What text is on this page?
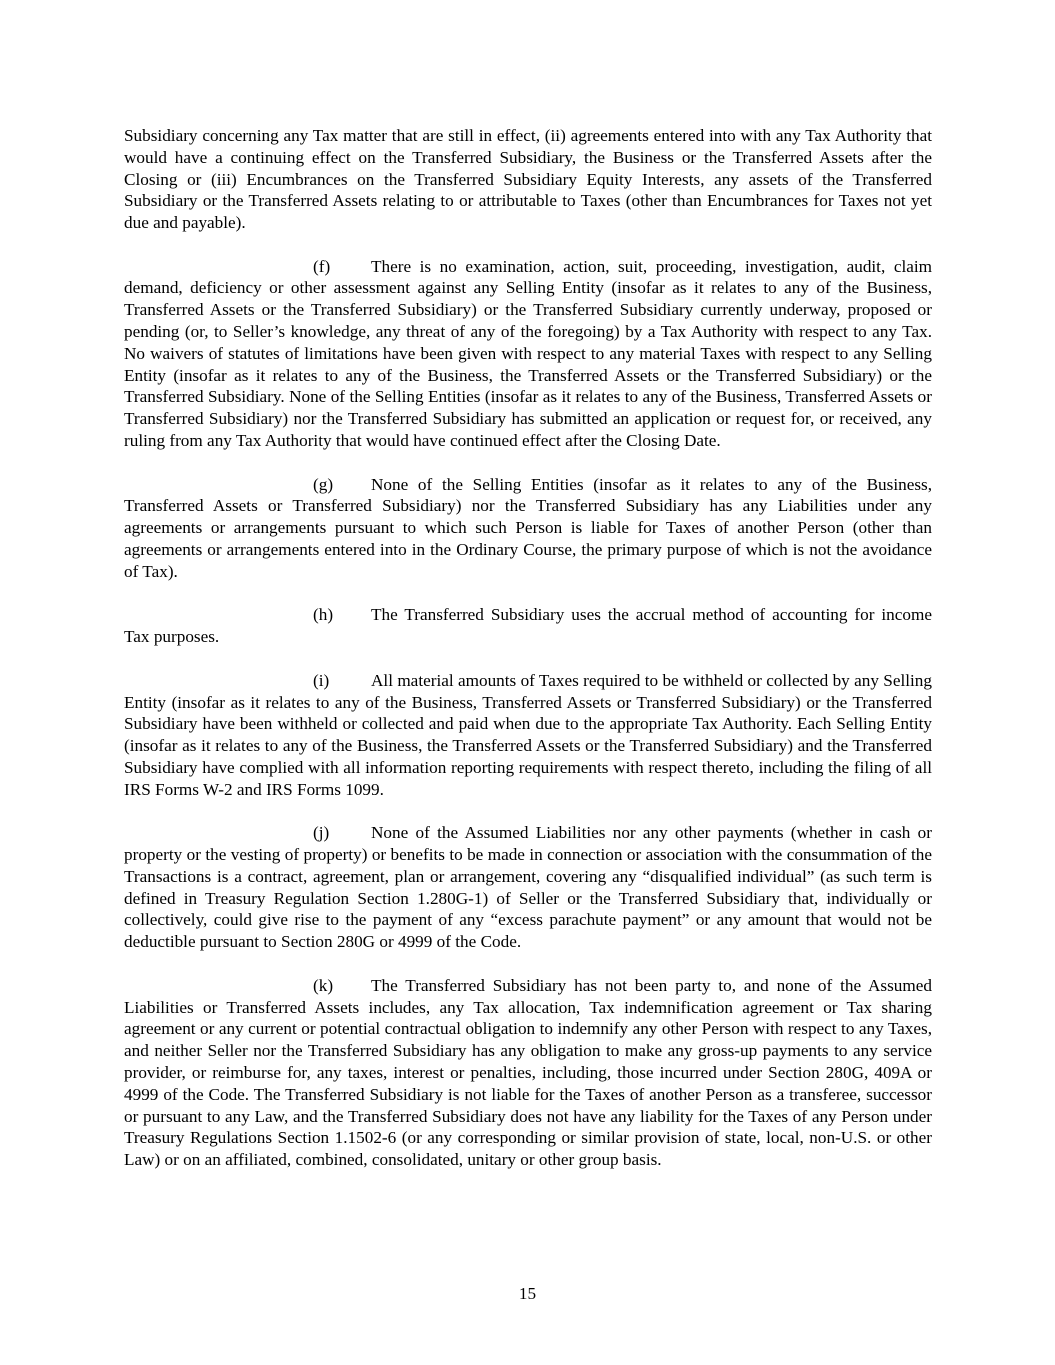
Subsidiary concerning any Tax matter that are still in effect, (ii) agreements entered into with any Tax Authority that would have a continuing effect on the Transferred Subsidiary, the Business or the Transferred Assets after the Closing or (iii) Encumbrances on the Transferred Subsidiary Equity Interests, any assets of the Transferred Subsidiary or the Transferred Assets relating to or attributable to Taxes (other than Encumbrances for Taxes not yet due and payable).

(f) There is no examination, action, suit, proceeding, investigation, audit, claim demand, deficiency or other assessment against any Selling Entity (insofar as it relates to any of the Business, Transferred Assets or the Transferred Subsidiary) or the Transferred Subsidiary currently underway, proposed or pending (or, to Seller’s knowledge, any threat of any of the foregoing) by a Tax Authority with respect to any Tax. No waivers of statutes of limitations have been given with respect to any material Taxes with respect to any Selling Entity (insofar as it relates to any of the Business, the Transferred Assets or the Transferred Subsidiary) or the Transferred Subsidiary. None of the Selling Entities (insofar as it relates to any of the Business, Transferred Assets or Transferred Subsidiary) nor the Transferred Subsidiary has submitted an application or request for, or received, any ruling from any Tax Authority that would have continued effect after the Closing Date.

(g) None of the Selling Entities (insofar as it relates to any of the Business, Transferred Assets or Transferred Subsidiary) nor the Transferred Subsidiary has any Liabilities under any agreements or arrangements pursuant to which such Person is liable for Taxes of another Person (other than agreements or arrangements entered into in the Ordinary Course, the primary purpose of which is not the avoidance of Tax).

(h) The Transferred Subsidiary uses the accrual method of accounting for income Tax purposes.

(i) All material amounts of Taxes required to be withheld or collected by any Selling Entity (insofar as it relates to any of the Business, Transferred Assets or Transferred Subsidiary) or the Transferred Subsidiary have been withheld or collected and paid when due to the appropriate Tax Authority. Each Selling Entity (insofar as it relates to any of the Business, the Transferred Assets or the Transferred Subsidiary) and the Transferred Subsidiary have complied with all information reporting requirements with respect thereto, including the filing of all IRS Forms W-2 and IRS Forms 1099.

(j) None of the Assumed Liabilities nor any other payments (whether in cash or property or the vesting of property) or benefits to be made in connection or association with the consummation of the Transactions is a contract, agreement, plan or arrangement, covering any “disqualified individual” (as such term is defined in Treasury Regulation Section 1.280G-1) of Seller or the Transferred Subsidiary that, individually or collectively, could give rise to the payment of any “excess parachute payment” or any amount that would not be deductible pursuant to Section 280G or 4999 of the Code.

(k) The Transferred Subsidiary has not been party to, and none of the Assumed Liabilities or Transferred Assets includes, any Tax allocation, Tax indemnification agreement or Tax sharing agreement or any current or potential contractual obligation to indemnify any other Person with respect to any Taxes, and neither Seller nor the Transferred Subsidiary has any obligation to make any gross-up payments to any service provider, or reimburse for, any taxes, interest or penalties, including, those incurred under Section 280G, 409A or 4999 of the Code. The Transferred Subsidiary is not liable for the Taxes of another Person as a transferee, successor or pursuant to any Law, and the Transferred Subsidiary does not have any liability for the Taxes of any Person under Treasury Regulations Section 1.1502-6 (or any corresponding or similar provision of state, local, non-U.S. or other Law) or on an affiliated, combined, consolidated, unitary or other group basis.

15
